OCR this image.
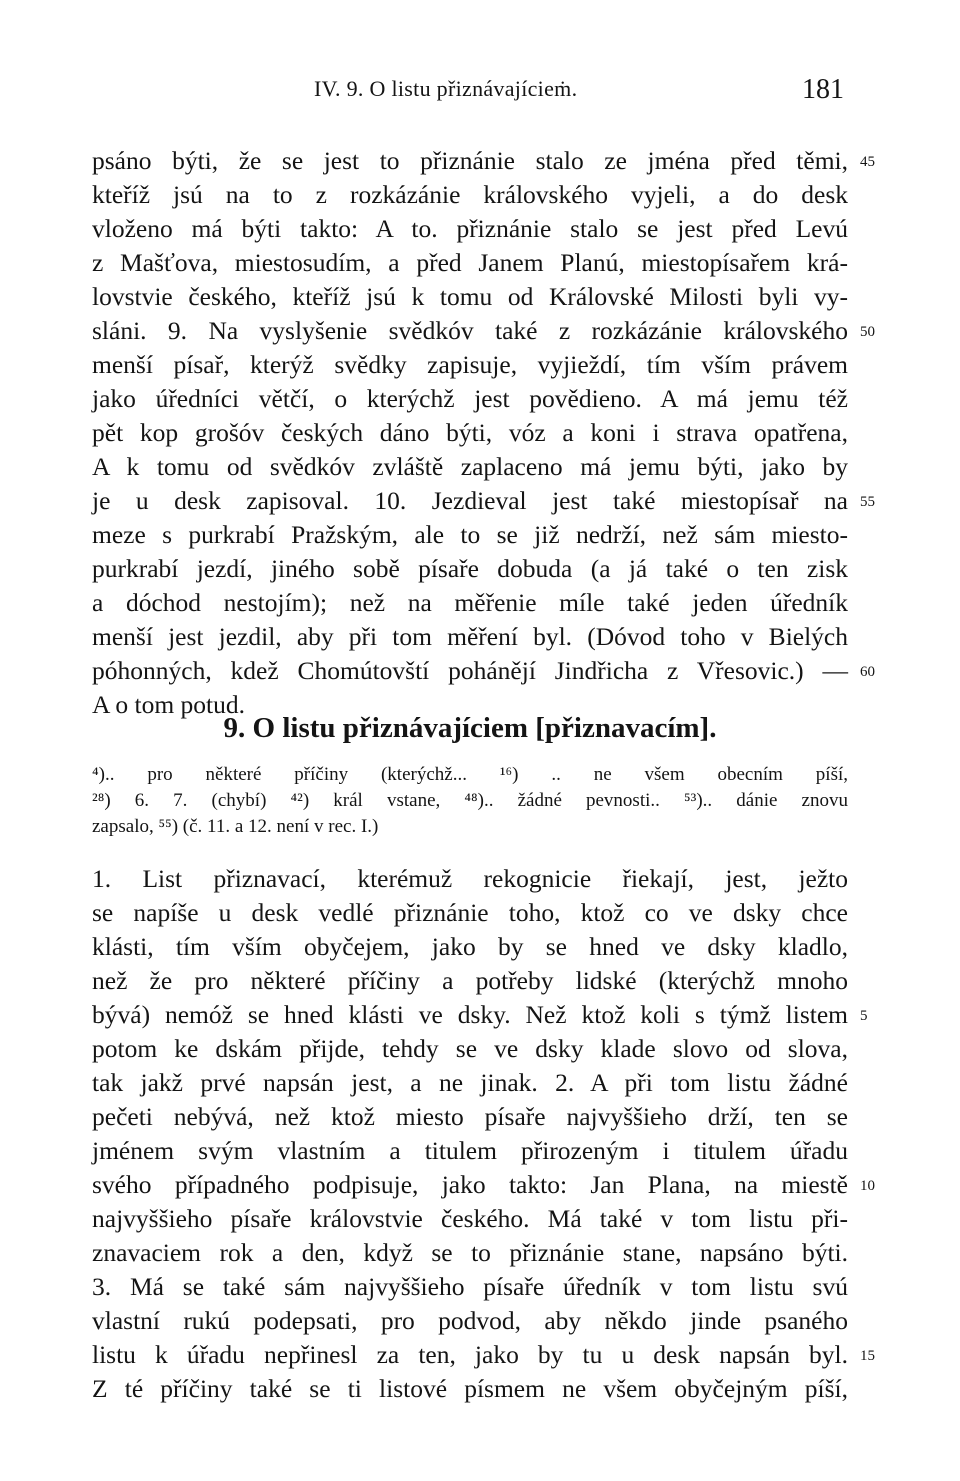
IV. 9. O listu přiznávajícieṁ.	181
psáno býti, že se jest to přiznánie stalo ze jména před těmi,
kteříž jsú na to z rozkázánie královského vyjeli, a do desk
vloženo má býti takto: A to. přiznánie stalo se jest před Levú
z Mašťova, miestosudím, a před Janem Planú, miestopísařem krá-
lovstvie českého, kteříž jsú k tomu od Královské Milosti byli vy-
sláni. 9. Na vyslyšenie svědkóv také z rozkázánie královského
menší písař, kterýž svědky zapisuje, vyjieždí, tím vším právem
jako úředníci větčí, o kterýchž jest povědieno. A má jemu též
pět kop grošóv českých dáno býti, vóz a koni i strava opatřena,
A k tomu od svědkóv zvláště zaplaceno má jemu býti, jako by
je u desk zapisoval. 10. Jezdieval jest také miestopísař na
meze s purkrabí Pražským, ale to se již nedrží, než sám miesto-
purkrabí jezdí, jiného sobě písaře dobuda (a já také o ten zisk
a dóchod nestojím); než na měřenie míle také jeden úředník
menší jest jezdil, aby při tom měření byl. (Dóvod toho v Bielých
póhonných, kdež Chomútovští pohánějí Jindřicha z Vřesovic.) —
A o tom potud.
9. O listu přiznávajíciem [přiznavacím].
⁴).. pro některé příčiny (kterýchž... ¹⁶) .. ne všem obecním píší,
²⁸) 6. 7. (chybí) ⁴²) král vstane, ⁴⁸).. žádné pevnosti.. ⁵³).. dánie znovu
zapsalo, ⁵⁵) (č. 11. a 12. není v rec. I.)
1. List přiznavací, kterémuž rekognicie řiekají, jest, ježto
se napíše u desk vedlé přiznánie toho, ktož co ve dsky chce
klásti, tím vším obyčejem, jako by se hned ve dsky kladlo,
než že pro některé příčiny a potřeby lidské (kterýchž mnoho
bývá) nemóž se hned klásti ve dsky. Než ktož koli s týmž listem
potom ke dskám přijde, tehdy se ve dsky klade slovo od slova,
tak jakž prvé napsán jest, a ne jinak. 2. A při tom listu žádné
pečeti nebývá, než ktož miesto písaře najvyššieho drží, ten se
jménem svým vlastním a titulem přirozeným i titulem úřadu
svého případného podpisuje, jako takto: Jan Plana, na miestě
najvyššieho písaře královstvie českého. Má také v tom listu při-
znavaciem rok a den, když se to přiznánie stane, napsáno býti.
3. Má se také sám najvyššieho písaře úředník v tom listu svú
vlastní rukú podepsati, pro podvod, aby někdo jinde psaného
listu k úřadu nepřinesl za ten, jako by tu u desk napsán byl.
Z té příčiny také se ti listové písmem ne všem obyčejným píší,
45
50
55
60
5
10
15
